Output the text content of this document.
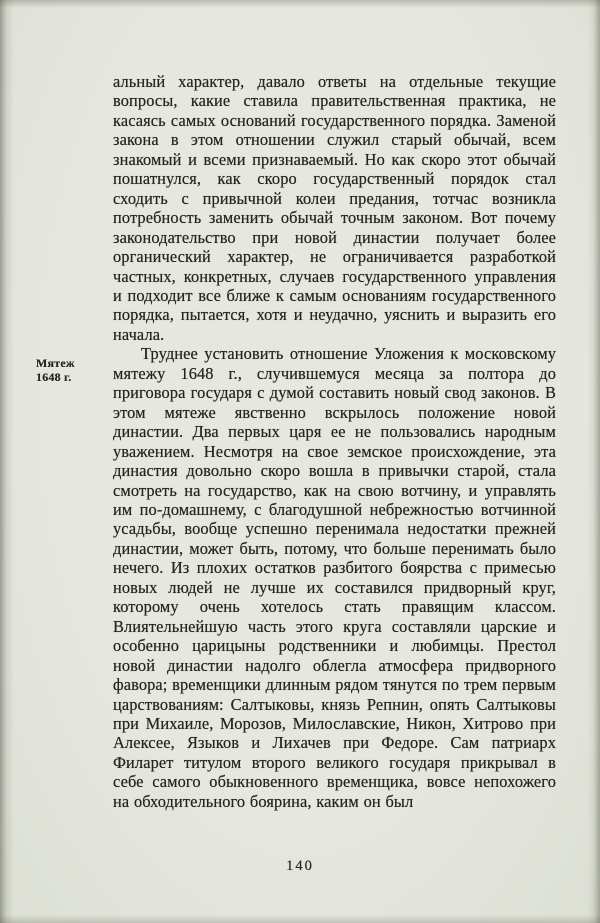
Мятеж
1648 г.

альный характер, давало ответы на отдельные текущие вопросы, какие ставила правительственная практика, не касаясь самых оснований государственного порядка. Заменой закона в этом отношении служил старый обычай, всем знакомый и всеми признаваемый. Но как скоро этот обычай пошатнулся, как скоро государственный порядок стал сходить с привычной колеи предания, тотчас возникла потребность заменить обычай точным законом. Вот почему законодательство при новой династии получает более органический характер, не ограничивается разработкой частных, конкретных, случаев государственного управления и подходит все ближе к самым основаниям государственного порядка, пытается, хотя и неудачно, уяснить и выразить его начала.

Труднее установить отношение Уложения к московскому мятежу 1648 г., случившемуся месяца за полтора до приговора государя с думой составить новый свод законов. В этом мятеже явственно вскрылось положение новой династии. Два первых царя ее не пользовались народным уважением. Несмотря на свое земское происхождение, эта династия довольно скоро вошла в привычки старой, стала смотреть на государство, как на свою вотчину, и управлять им по-домашнему, с благодушной небрежностью вотчинной усадьбы, вообще успешно перенимала недостатки прежней династии, может быть, потому, что больше перенимать было нечего. Из плохих остатков разбитого боярства с примесью новых людей не лучше их составился придворный круг, которому очень хотелось стать правящим классом. Влиятельнейшую часть этого круга составляли царские и особенно царицыны родственники и любимцы. Престол новой династии надолго облегла атмосфера придворного фавора; временщики длинным рядом тянутся по трем первым царствованиям: Салтыковы, князь Репнин, опять Салтыковы при Михаиле, Морозов, Милославские, Никон, Хитрово при Алексее, Языков и Лихачев при Федоре. Сам патриарх Филарет титулом второго великого государя прикрывал в себе самого обыкновенного временщика, вовсе непохожего на обходительного боярина, каким он был

140
